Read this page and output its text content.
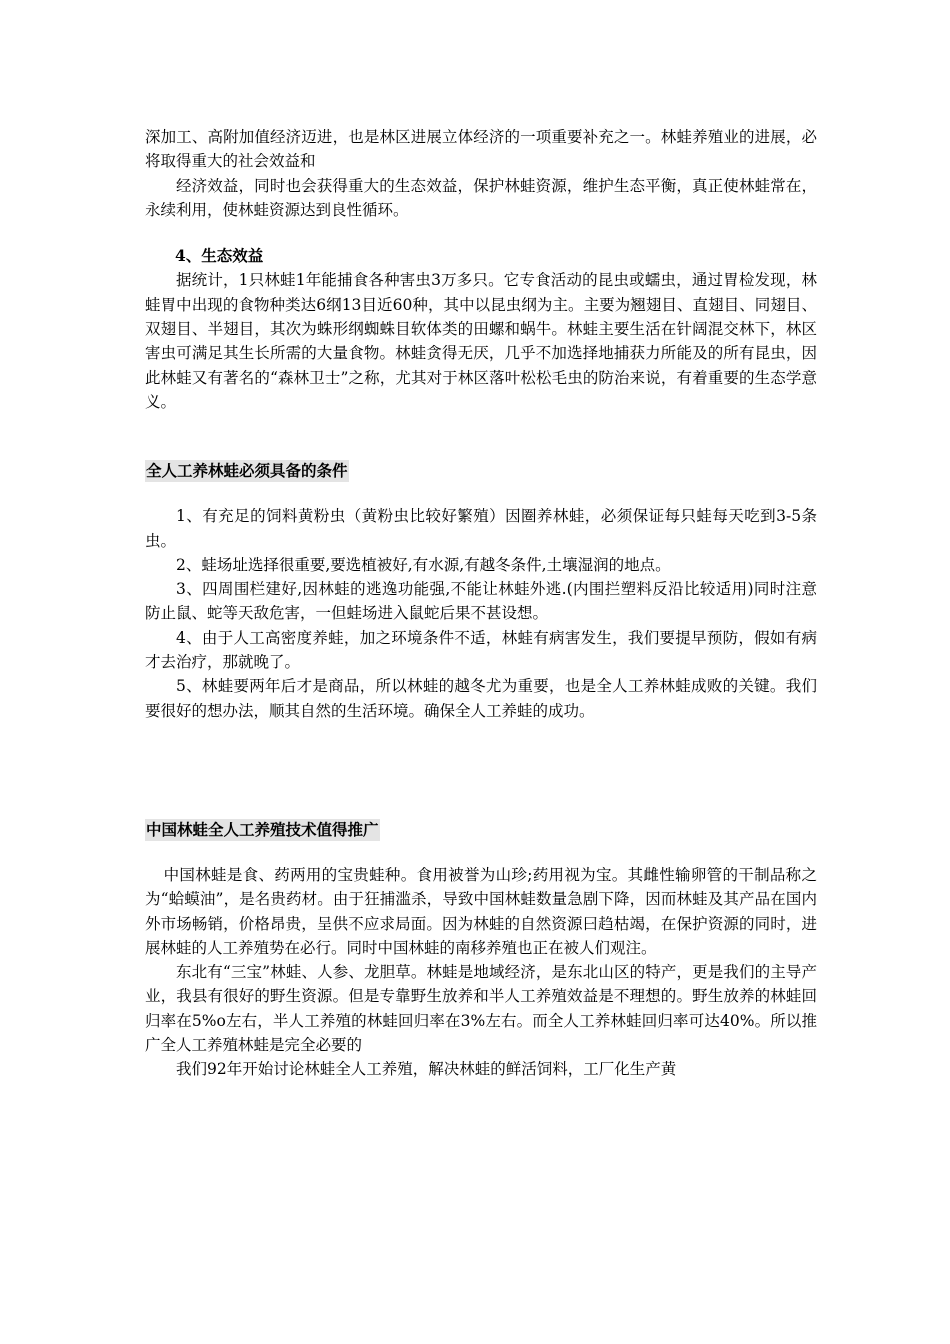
深加工、高附加值经济迈进，也是林区进展立体经济的一项重要补充之一。林蛙养殖业的进展，必将取得重大的社会效益和

经济效益，同时也会获得重大的生态效益，保护林蛙资源，维护生态平衡，真正使林蛙常在，永续利用，使林蛙资源达到良性循环。

4、生态效益

据统计，1只林蛙1年能捕食各种害虫3万多只。它专食活动的昆虫或蠕虫，通过胃检发现，林蛙胃中出现的食物种类达6纲13目近60种，其中以昆虫纲为主。主要为翘翅目、直翅目、同翅目、双翅目、半翅目，其次为蛛形纲蜘蛛目软体类的田螺和蜗牛。林蛙主要生活在针阔混交林下，林区害虫可满足其生长所需的大量食物。林蛙贪得无厌，几乎不加选择地捕获力所能及的所有昆虫，因此林蛙又有著名的“森林卫士”之称，尤其对于林区落叶松松毛虫的防治来说，有着重要的生态学意义。

全人工养林蛙必须具备的条件

1、有充足的饲料黄粉虫（黄粉虫比较好繁殖）因圈养林蛙，必须保证每只蛙每天吃到3-5条虫。

2、蛙场址选择很重要,要选植被好,有水源,有越冬条件,土壤湿润的地点。

3、四周围栏建好,因林蛙的逃逸功能强,不能让林蛙外逃.(内围拦塑料反沿比较适用)同时注意防止鼠、蛇等天敌危害，一但蛙场进入鼠蛇后果不甚设想。

4、由于人工高密度养蛙，加之环境条件不适，林蛙有病害发生，我们要提早预防，假如有病才去治疗，那就晚了。

5、林蛙要两年后才是商品，所以林蛙的越冬尤为重要，也是全人工养林蛙成败的关键。我们要很好的想办法，顺其自然的生活环境。确保全人工养蛙的成功。

中国林蛙全人工养殖技术值得推广

中国林蛙是食、药两用的宝贵蛙种。食用被誉为山珍;药用视为宝。其雌性输卵管的干制品称之为“蛤蟆油”，是名贵药材。由于狂捕滥杀，导致中国林蛙数量急剧下降，因而林蛙及其产品在国内外市场畅销，价格昂贵，呈供不应求局面。因为林蛙的自然资源曰趋枯竭，在保护资源的同时，进展林蛙的人工养殖势在必行。同时中国林蛙的南移养殖也正在被人们观注。

东北有“三宝”林蛙、人参、龙胆草。林蛙是地域经济，是东北山区的特产，更是我们的主导产业，我县有很好的野生资源。但是专靠野生放养和半人工养殖效益是不理想的。野生放养的林蛙回归率在5%o左右，半人工养殖的林蛙回归率在3%左右。而全人工养林蛙回归率可达40%。所以推广全人工养殖林蛙是完全必要的

我们92年开始讨论林蛙全人工养殖，解决林蛙的鲜活饲料，工厂化生产黄
